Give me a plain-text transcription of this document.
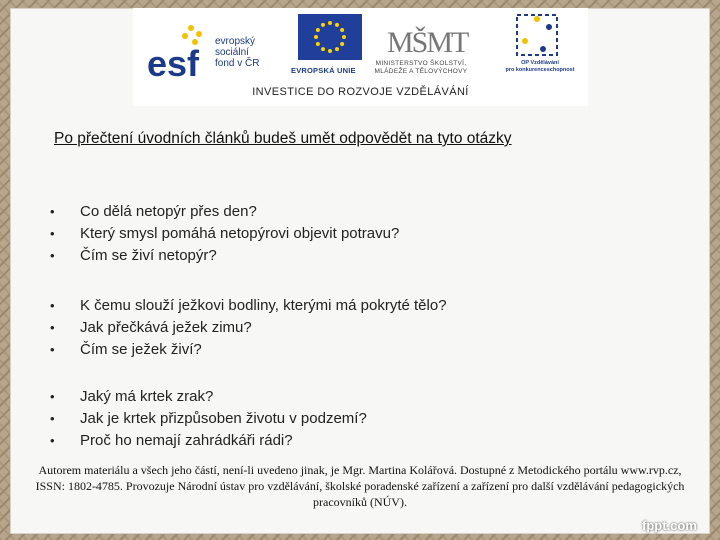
esf
evropský
sociální
fond v ČR
EVROPSKÁ UNIE
MŠMT
MINISTERSTVO ŠKOLSTVÍ,
MLÁDEŽE A TĚLOVÝCHOVY
OP Vzdělávání
pro konkurenceschopnost
INVESTICE DO ROZVOJE VZDĚLÁVÁNÍ
Po přečtení úvodních článků budeš umět odpovědět na tyto otázky
•	Co dělá netopýr přes den?
•	Který smysl pomáhá netopýrovi objevit potravu?
•	Čím se živí netopýr?
•	K čemu slouží ježkovi bodliny, kterými má pokryté tělo?
•	Jak přečkává ježek zimu?
•	Čím se ježek živí?
•	Jaký má krtek zrak?
•	Jak je krtek přizpůsoben životu v podzemí?
•	Proč ho nemají zahrádkáři rádi?
Autorem materiálu a všech jeho částí, není-li uvedeno jinak, je Mgr. Martina Kolářová. Dostupné z Metodického portálu www.rvp.cz, ISSN: 1802-4785. Provozuje Národní ústav pro vzdělávání, školské poradenské zařízení a zařízení pro další vzdělávání pedagogických pracovníků (NÚV).
fppt.com
